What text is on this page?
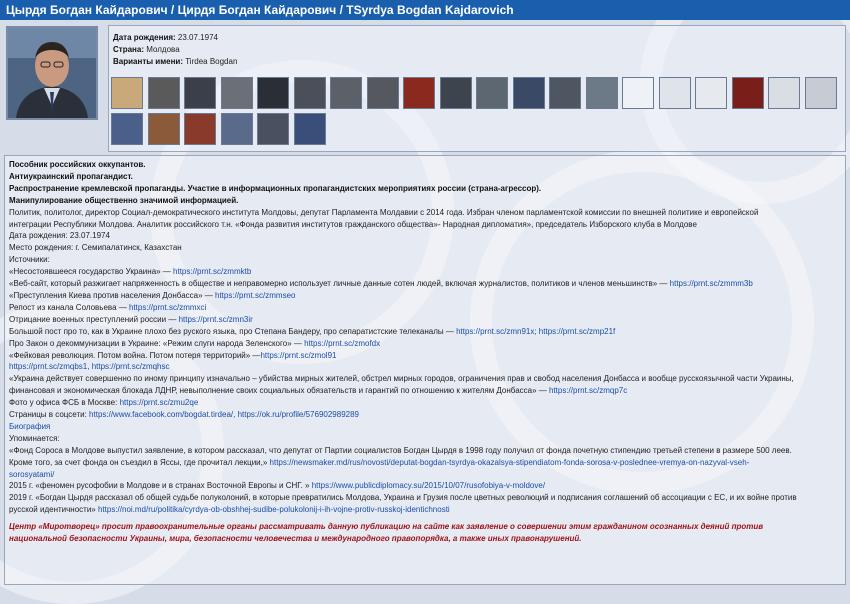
Цырдя Богдан Кайдарович / Цирдя Богдан Кайдарович / TSyrdya Bogdan Kajdarovich
Дата рождения: 23.07.1974
Страна: Молдова
Варианты имени: Tirdea Bogdan
Пособник российских оккупантов.
Антиукраинский пропагандист.
Распространение кремлевской пропаганды. Участие в информационных пропагандистских мероприятиях россии (страна-агрессор).
Манипулирование общественно значимой информацией.
Политик, политолог, директор Социал-демократического института Молдовы, депутат Парламента Молдавии с 2014 года. Избран членом парламентской комиссии по внешней политике и европейской
интеграции Республики Молдова. Аналитик российского т.н. «Фонда развития институтов гражданского общества»- Народная дипломатия», председатель Изборского клуба в Молдове
Дата рождения: 23.07.1974
Место рождения: г. Семипалатинск, Казахстан
Источники:
«Несостоявшееся государство Украина» — https://prnt.sc/zmmktb
«Веб-сайт, который разжигает напряженность в обществе и неправомерно использует личные данные сотен людей, включая журналистов, политиков и членов меньшинств» — https://prnt.sc/zmmm3b
«Преступления Киева против населения Донбасса» — https://prnt.sc/zmmseo
Репост из канала Соловьева — https://prnt.sc/zmmxci
Отрицание военных преступлений россии — https://prnt.sc/zmn3ir
Большой пост про то, как в Украине плохо без руского языка, про Степана Бандеру, про сепаратистские телеканалы — https://prnt.sc/zmn91x; https://prnt.sc/zmp21f
Про Закон о декоммунизации в Украине: «Режим слуги народа Зеленского» — https://prnt.sc/zmofdx
«Фейковая революция. Потом война. Потом потеря территорий» —https://prnt.sc/zmol91
https://prnt.sc/zmqbs1, https://prnt.sc/zmqhsc
«Украина действует совершенно по иному принципу изначально – убийства мирных жителей, обстрел мирных городов, ограничения прав и свобод населения Донбасса и вообще русскоязычной части Украины,
финансовая и экономическая блокада ЛДНР, невыполнение своих социальных обязательств и гарантий по отношению к жителям Донбасса» — https://prnt.sc/zmqp7c
Фото у офиса ФСБ в Москве: https://prnt.sc/zmu2qe
Страницы в соцсети: https://www.facebook.com/bogdat.tirdea/, https://ok.ru/profile/576902989289
Биография
Упоминается:
«Фонд Сороса в Молдове выпустил заявление, в котором рассказал, что депутат от Партии социалистов Богдан Цырдя в 1998 году получил от фонда почетную стипендию третьей степени в размере 500 леев.
Кроме того, за счет фонда он съездил в Яссы, где прочитал лекции,» https://newsmaker.md/rus/novosti/deputat-bogdan-tsyrdya-okazalsya-stipendiatom-fonda-sorosa-v-poslednee-vremya-on-nazyval-vseh-
sorosyatami/
2015 г. «феномен русофобии в Молдове и в странах Восточной Европы и СНГ. » https://www.publicdiplomacy.su/2015/10/07/rusofobiya-v-moldove/
2019 г. «Богдан Цырдя рассказал об общей судьбе полуколоний, в которые превратились Молдова, Украина и Грузия после цветных революций и подписания соглашений об ассоциации с ЕС, и их войне против
русской идентичности» https://noi.md/ru/politika/cyrdya-ob-obshhej-sudibe-polukolonij-i-ih-vojne-protiv-russkoj-identichnosti
Центр «Миротворец» просит правоохранительные органы рассматривать данную публикацию на сайте как заявление о совершении этим гражданином осознанных деяний против
национальной безопасности Украины, мира, безопасности человечества и международного правопорядка, а также иных правонарушений.
